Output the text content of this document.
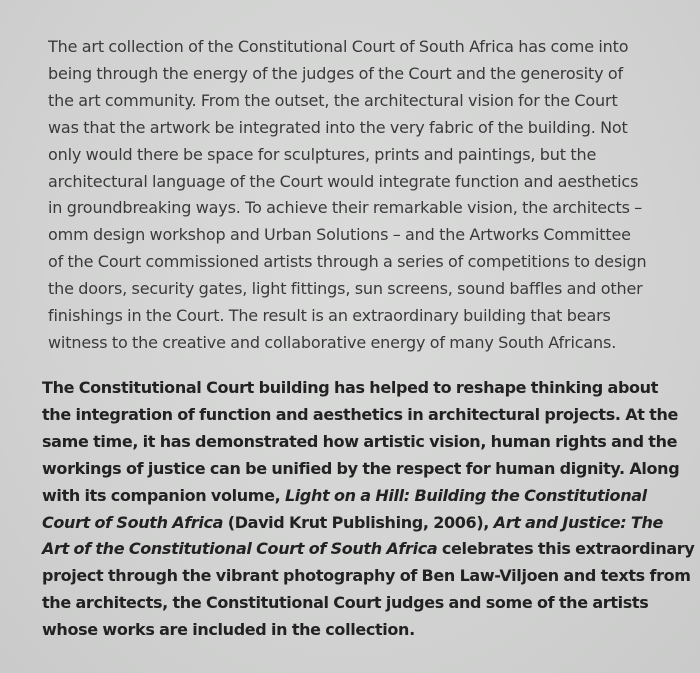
The art collection of the Constitutional Court of South Africa has come into
being through the energy of the judges of the Court and the generosity of
the art community. From the outset, the architectural vision for the Court
was that the artwork be integrated into the very fabric of the building. Not
only would there be space for sculptures, prints and paintings, but the
architectural language of the Court would integrate function and aesthetics
in groundbreaking ways. To achieve their remarkable vision, the architects –
omm design workshop and Urban Solutions – and the Artworks Committee
of the Court commissioned artists through a series of competitions to design
the doors, security gates, light fittings, sun screens, sound baffles and other
finishings in the Court. The result is an extraordinary building that bears
witness to the creative and collaborative energy of many South Africans.

The Constitutional Court building has helped to reshape thinking about
the integration of function and aesthetics in architectural projects. At the
same time, it has demonstrated how artistic vision, human rights and the
workings of justice can be unified by the respect for human dignity. Along
with its companion volume, Light on a Hill: Building the Constitutional
Court of South Africa (David Krut Publishing, 2006), Art and Justice: The
Art of the Constitutional Court of South Africa celebrates this extraordinary
project through the vibrant photography of Ben Law-Viljoen and texts from
the architects, the Constitutional Court judges and some of the artists
whose works are included in the collection.
